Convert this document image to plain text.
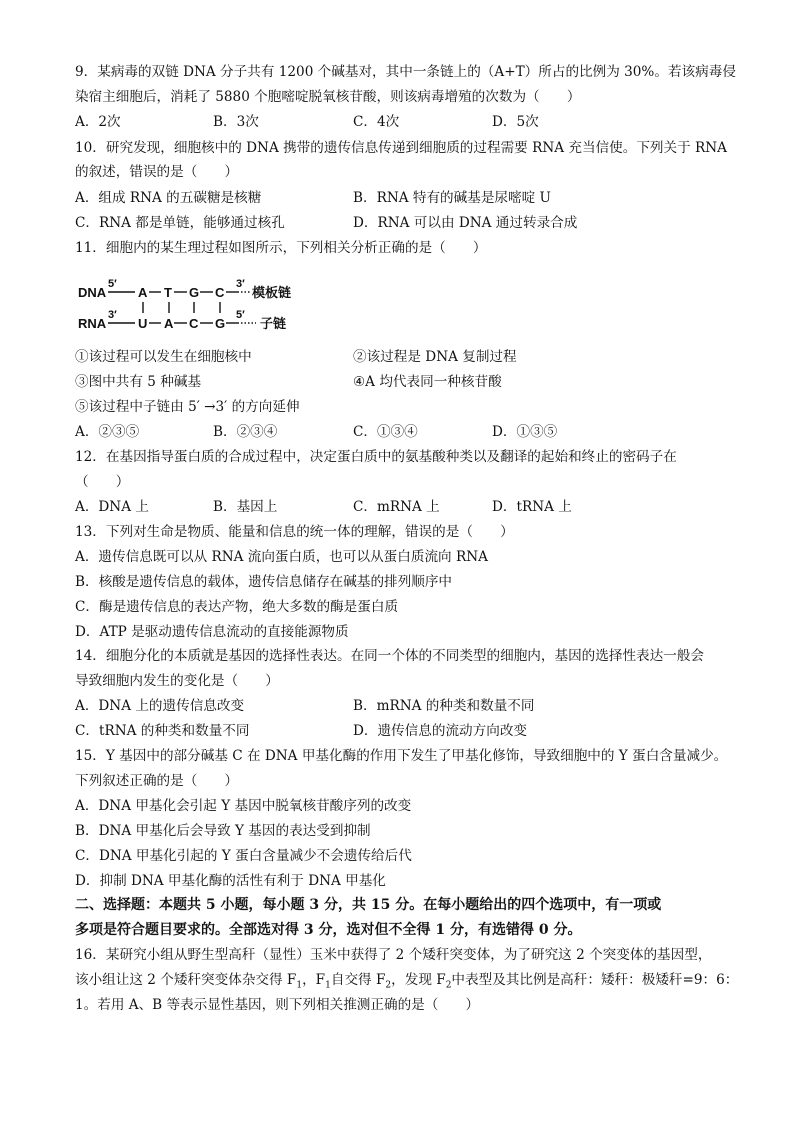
9．某病毒的双链 DNA 分子共有 1200 个碱基对，其中一条链上的（A+T）所占的比例为 30%。若该病毒侵
染宿主细胞后，消耗了 5880 个胞嘧啶脱氧核苷酸，则该病毒增殖的次数为（　　）
A．2次	B．3次	C．4次	D．5次
10．研究发现，细胞核中的 DNA 携带的遗传信息传递到细胞质的过程需要 RNA 充当信使。下列关于 RNA
的叙述，错误的是（　　）
A．组成 RNA 的五碳糖是核糖	B．RNA 特有的碱基是尿嘧啶 U
C．RNA 都是单链，能够通过核孔	D．RNA 可以由 DNA 通过转录合成
11．细胞内的某生理过程如图所示，下列相关分析正确的是（　　）
DNA
5′
A T G C
3′
模板链
RNA
3′
U A C G
5′
子链
①该过程可以发生在细胞核中	②该过程是 DNA 复制过程
③图中共有 5 种碱基	④A 均代表同一种核苷酸
⑤该过程中子链由 5′ →3′ 的方向延伸
A．②③⑤	B．②③④	C．①③④	D．①③⑤
12．在基因指导蛋白质的合成过程中，决定蛋白质中的氨基酸种类以及翻译的起始和终止的密码子在
（　　）
A．DNA 上	B．基因上	C．mRNA 上	D．tRNA 上
13．下列对生命是物质、能量和信息的统一体的理解，错误的是（　　）
A．遗传信息既可以从 RNA 流向蛋白质，也可以从蛋白质流向 RNA
B．核酸是遗传信息的载体，遗传信息储存在碱基的排列顺序中
C．酶是遗传信息的表达产物，绝大多数的酶是蛋白质
D．ATP 是驱动遗传信息流动的直接能源物质
14．细胞分化的本质就是基因的选择性表达。在同一个体的不同类型的细胞内，基因的选择性表达一般会
导致细胞内发生的变化是（　　）
A．DNA 上的遗传信息改变	B．mRNA 的种类和数量不同
C．tRNA 的种类和数量不同	D．遗传信息的流动方向改变
15．Y 基因中的部分碱基 C 在 DNA 甲基化酶的作用下发生了甲基化修饰，导致细胞中的 Y 蛋白含量减少。
下列叙述正确的是（　　）
A．DNA 甲基化会引起 Y 基因中脱氧核苷酸序列的改变
B．DNA 甲基化后会导致 Y 基因的表达受到抑制
C．DNA 甲基化引起的 Y 蛋白含量减少不会遗传给后代
D．抑制 DNA 甲基化酶的活性有利于 DNA 甲基化
二、选择题：本题共 5 小题，每小题 3 分，共 15 分。在每小题给出的四个选项中，有一项或
多项是符合题目要求的。全部选对得 3 分，选对但不全得 1 分，有选错得 0 分。
16．某研究小组从野生型高秆（显性）玉米中获得了 2 个矮秆突变体，为了研究这 2 个突变体的基因型，
该小组让这 2 个矮秆突变体杂交得 $F_1$，$F_1$自交得 $F_2$，发现 $F_2$中表型及其比例是高秆：矮秆：极矮秆=9：6：
1。若用 A、B 等表示显性基因，则下列相关推测正确的是（　　）
